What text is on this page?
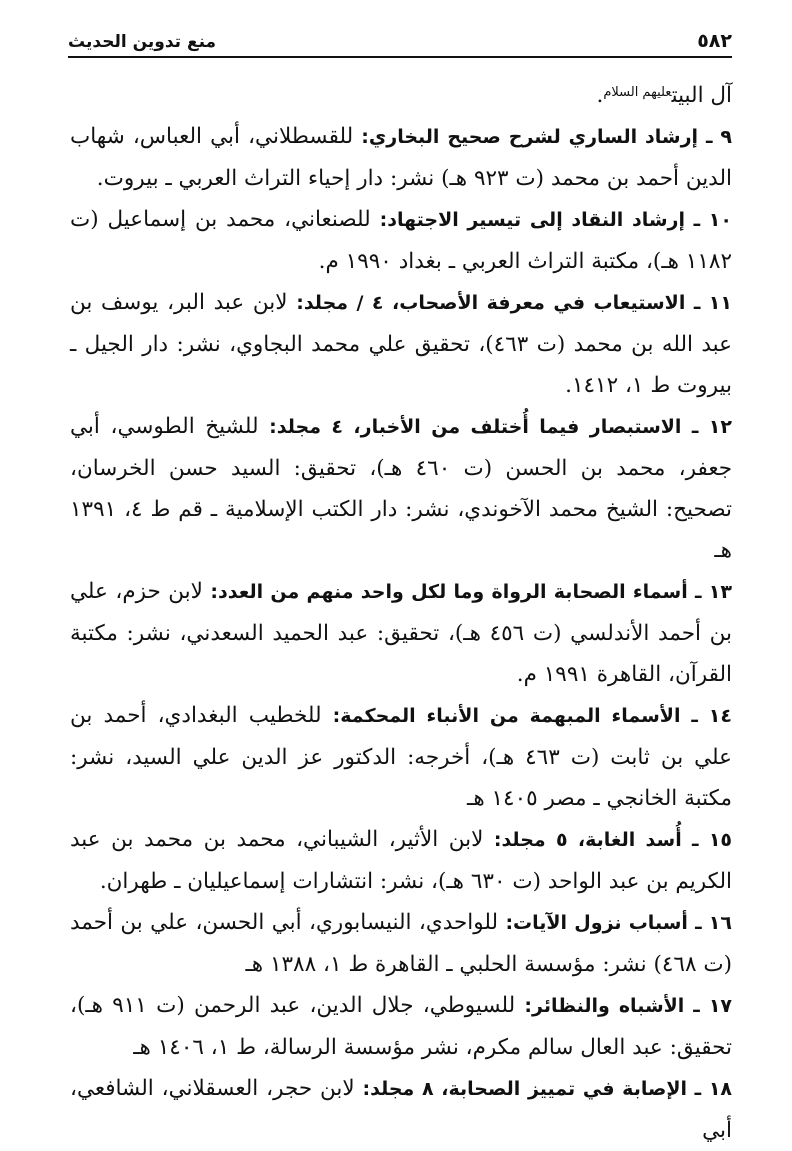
٥٨٢
منع تدوين الحديث

آل البيت$^{عليهم السلام}$.

٩ ـ إرشاد الساري لشرح صحيح البخاري: للقسطلاني، أبي العباس، شهاب الدين أحمد بن محمد (ت ٩٢٣ هـ) نشر: دار إحياء التراث العربي ـ بيروت.

١٠ ـ إرشاد النقاد إلى تيسير الاجتهاد: للصنعاني، محمد بن إسماعيل (ت ١١٨٢ هـ)، مكتبة التراث العربي ـ بغداد ١٩٩٠ م.

١١ ـ الاستيعاب في معرفة الأصحاب، ٤ / مجلد: لابن عبد البر، يوسف بن عبد الله بن محمد (ت ٤٦٣)، تحقيق علي محمد البجاوي، نشر: دار الجيل ـ بيروت ط ١، ١٤١٢.

١٢ ـ الاستبصار فيما أُختلف من الأخبار، ٤ مجلد: للشيخ الطوسي، أبي جعفر، محمد بن الحسن (ت ٤٦٠ هـ)، تحقيق: السيد حسن الخرسان، تصحيح: الشيخ محمد الآخوندي، نشر: دار الكتب الإسلامية ـ قم ط ٤، ١٣٩١ هـ

١٣ ـ أسماء الصحابة الرواة وما لكل واحد منهم من العدد: لابن حزم، علي بن أحمد الأندلسي (ت ٤٥٦ هـ)، تحقيق: عبد الحميد السعدني، نشر: مكتبة القرآن، القاهرة ١٩٩١ م.

١٤ ـ الأسماء المبهمة من الأنباء المحكمة: للخطيب البغدادي، أحمد بن علي بن ثابت (ت ٤٦٣ هـ)، أخرجه: الدكتور عز الدين علي السيد، نشر: مكتبة الخانجي ـ مصر ١٤٠٥ هـ

١٥ ـ أُسد الغابة، ٥ مجلد: لابن الأثير، الشيباني، محمد بن محمد بن عبد الكريم بن عبد الواحد (ت ٦٣٠ هـ)، نشر: انتشارات إسماعيليان ـ طهران.

١٦ ـ أسباب نزول الآيات: للواحدي، النيسابوري، أبي الحسن، علي بن أحمد (ت ٤٦٨) نشر: مؤسسة الحلبي ـ القاهرة ط ١، ١٣٨٨ هـ

١٧ ـ الأشباه والنظائر: للسيوطي، جلال الدين، عبد الرحمن (ت ٩١١ هـ)، تحقيق: عبد العال سالم مكرم، نشر مؤسسة الرسالة، ط ١، ١٤٠٦ هـ

١٨ ـ الإصابة في تمييز الصحابة، ٨ مجلد: لابن حجر، العسقلاني، الشافعي، أبي
